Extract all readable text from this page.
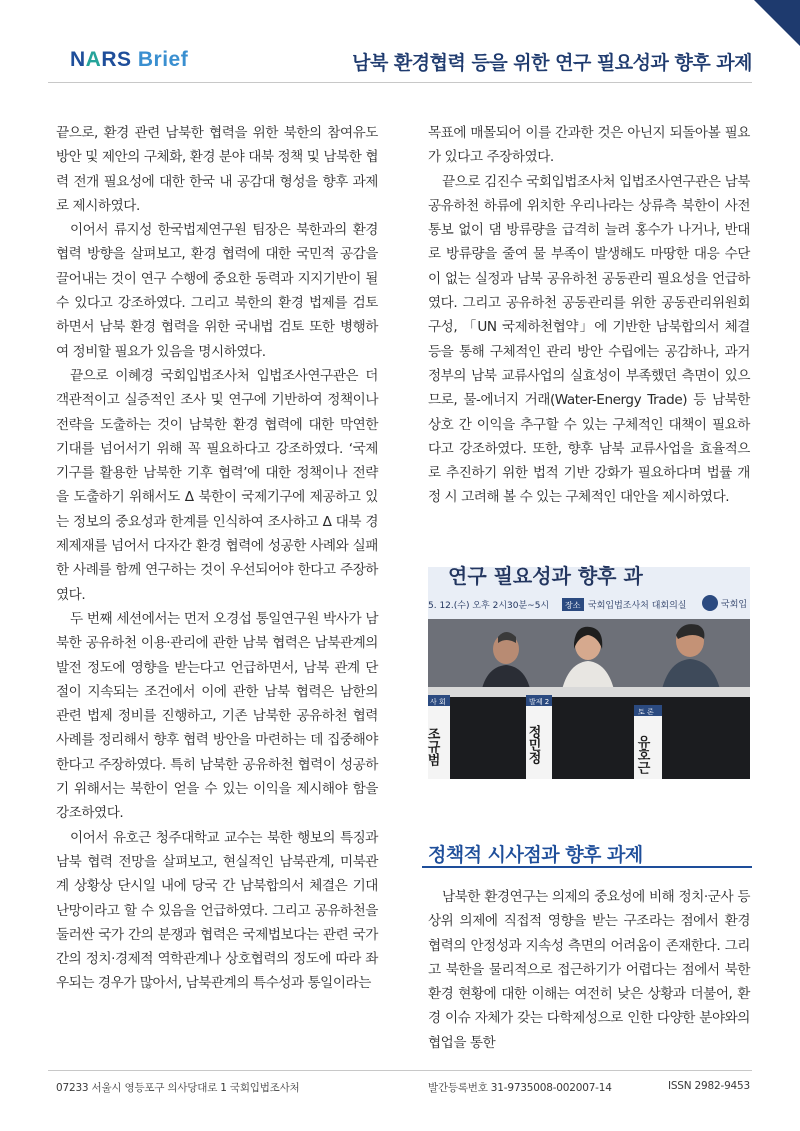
NARS Brief	남북 환경협력 등을 위한 연구 필요성과 향후 과제

끝으로, 환경 관련 남북한 협력을 위한 북한의 참여유도 방안 및 제안의 구체화, 환경 분야 대북 정책 및 남북한 협력 전개 필요성에 대한 한국 내 공감대 형성을 향후 과제로 제시하였다.

이어서 류지성 한국법제연구원 팀장은 북한과의 환경 협력 방향을 살펴보고, 환경 협력에 대한 국민적 공감을 끌어내는 것이 연구 수행에 중요한 동력과 지지기반이 될 수 있다고 강조하였다. 그리고 북한의 환경 법제를 검토하면서 남북 환경 협력을 위한 국내법 검토 또한 병행하여 정비할 필요가 있음을 명시하였다.

끝으로 이혜경 국회입법조사처 입법조사연구관은 더 객관적이고 실증적인 조사 및 연구에 기반하여 정책이나 전략을 도출하는 것이 남북한 환경 협력에 대한 막연한 기대를 넘어서기 위해 꼭 필요하다고 강조하였다. ‘국제기구를 활용한 남북한 기후 협력’에 대한 정책이나 전략을 도출하기 위해서도 Δ 북한이 국제기구에 제공하고 있는 정보의 중요성과 한계를 인식하여 조사하고 Δ 대북 경제제재를 넘어서 다자간 환경 협력에 성공한 사례와 실패한 사례를 함께 연구하는 것이 우선되어야 한다고 주장하였다.

두 번째 세션에서는 먼저 오경섭 통일연구원 박사가 남북한 공유하천 이용·관리에 관한 남북 협력은 남북관계의 발전 정도에 영향을 받는다고 언급하면서, 남북 관계 단절이 지속되는 조건에서 이에 관한 남북 협력은 남한의 관련 법제 정비를 진행하고, 기존 남북한 공유하천 협력 사례를 정리해서 향후 협력 방안을 마련하는 데 집중해야 한다고 주장하였다. 특히 남북한 공유하천 협력이 성공하기 위해서는 북한이 얻을 수 있는 이익을 제시해야 함을 강조하였다.

이어서 유호근 청주대학교 교수는 북한 행보의 특징과 남북 협력 전망을 살펴보고, 현실적인 남북관계, 미북관계 상황상 단시일 내에 당국 간 남북합의서 체결은 기대 난망이라고 할 수 있음을 언급하였다. 그리고 공유하천을 둘러싼 국가 간의 분쟁과 협력은 국제법보다는 관련 국가 간의 정치·경제적 역학관계나 상호협력의 정도에 따라 좌우되는 경우가 많아서, 남북관계의 특수성과 통일이라는

목표에 매몰되어 이를 간과한 것은 아닌지 되돌아볼 필요가 있다고 주장하였다.

끝으로 김진수 국회입법조사처 입법조사연구관은 남북 공유하천 하류에 위치한 우리나라는 상류측 북한이 사전 통보 없이 댐 방류량을 급격히 늘려 홍수가 나거나, 반대로 방류량을 줄여 물 부족이 발생해도 마땅한 대응 수단이 없는 실정과 남북 공유하천 공동관리 필요성을 언급하였다. 그리고 공유하천 공동관리를 위한 공동관리위원회 구성, 「UN 국제하천협약」에 기반한 남북합의서 체결 등을 통해 구체적인 관리 방안 수립에는 공감하나, 과거 정부의 남북 교류사업의 실효성이 부족했던 측면이 있으므로, 물-에너지 거래(Water-Energy Trade) 등 남북한 상호 간 이익을 추구할 수 있는 구체적인 대책이 필요하다고 강조하였다. 또한, 향후 남북 교류사업을 효율적으로 추진하기 위한 법적 기반 강화가 필요하다며 법률 개정 시 고려해 볼 수 있는 구체적인 대안을 제시하였다.

연구 필요성과 향후 과
5. 12.(수) 오후 2시30분~5시 장소 국회입법조사처 대회의실	국회입
사 회
조규범
발제 2
정민정
토 론
유호근
정책적 시사점과 향후 과제

남북한 환경연구는 의제의 중요성에 비해 정치·군사 등 상위 의제에 직접적 영향을 받는 구조라는 점에서 환경 협력의 안정성과 지속성 측면의 어려움이 존재한다. 그리고 북한을 물리적으로 접근하기가 어렵다는 점에서 북한 환경 현황에 대한 이해는 여전히 낮은 상황과 더불어, 환경 이슈 자체가 갖는 다학제성으로 인한 다양한 분야와의 협업을 통한

07233 서울시 영등포구 의사당대로 1 국회입법조사처	발간등록번호 31-9735008-002007-14	ISSN 2982-9453
